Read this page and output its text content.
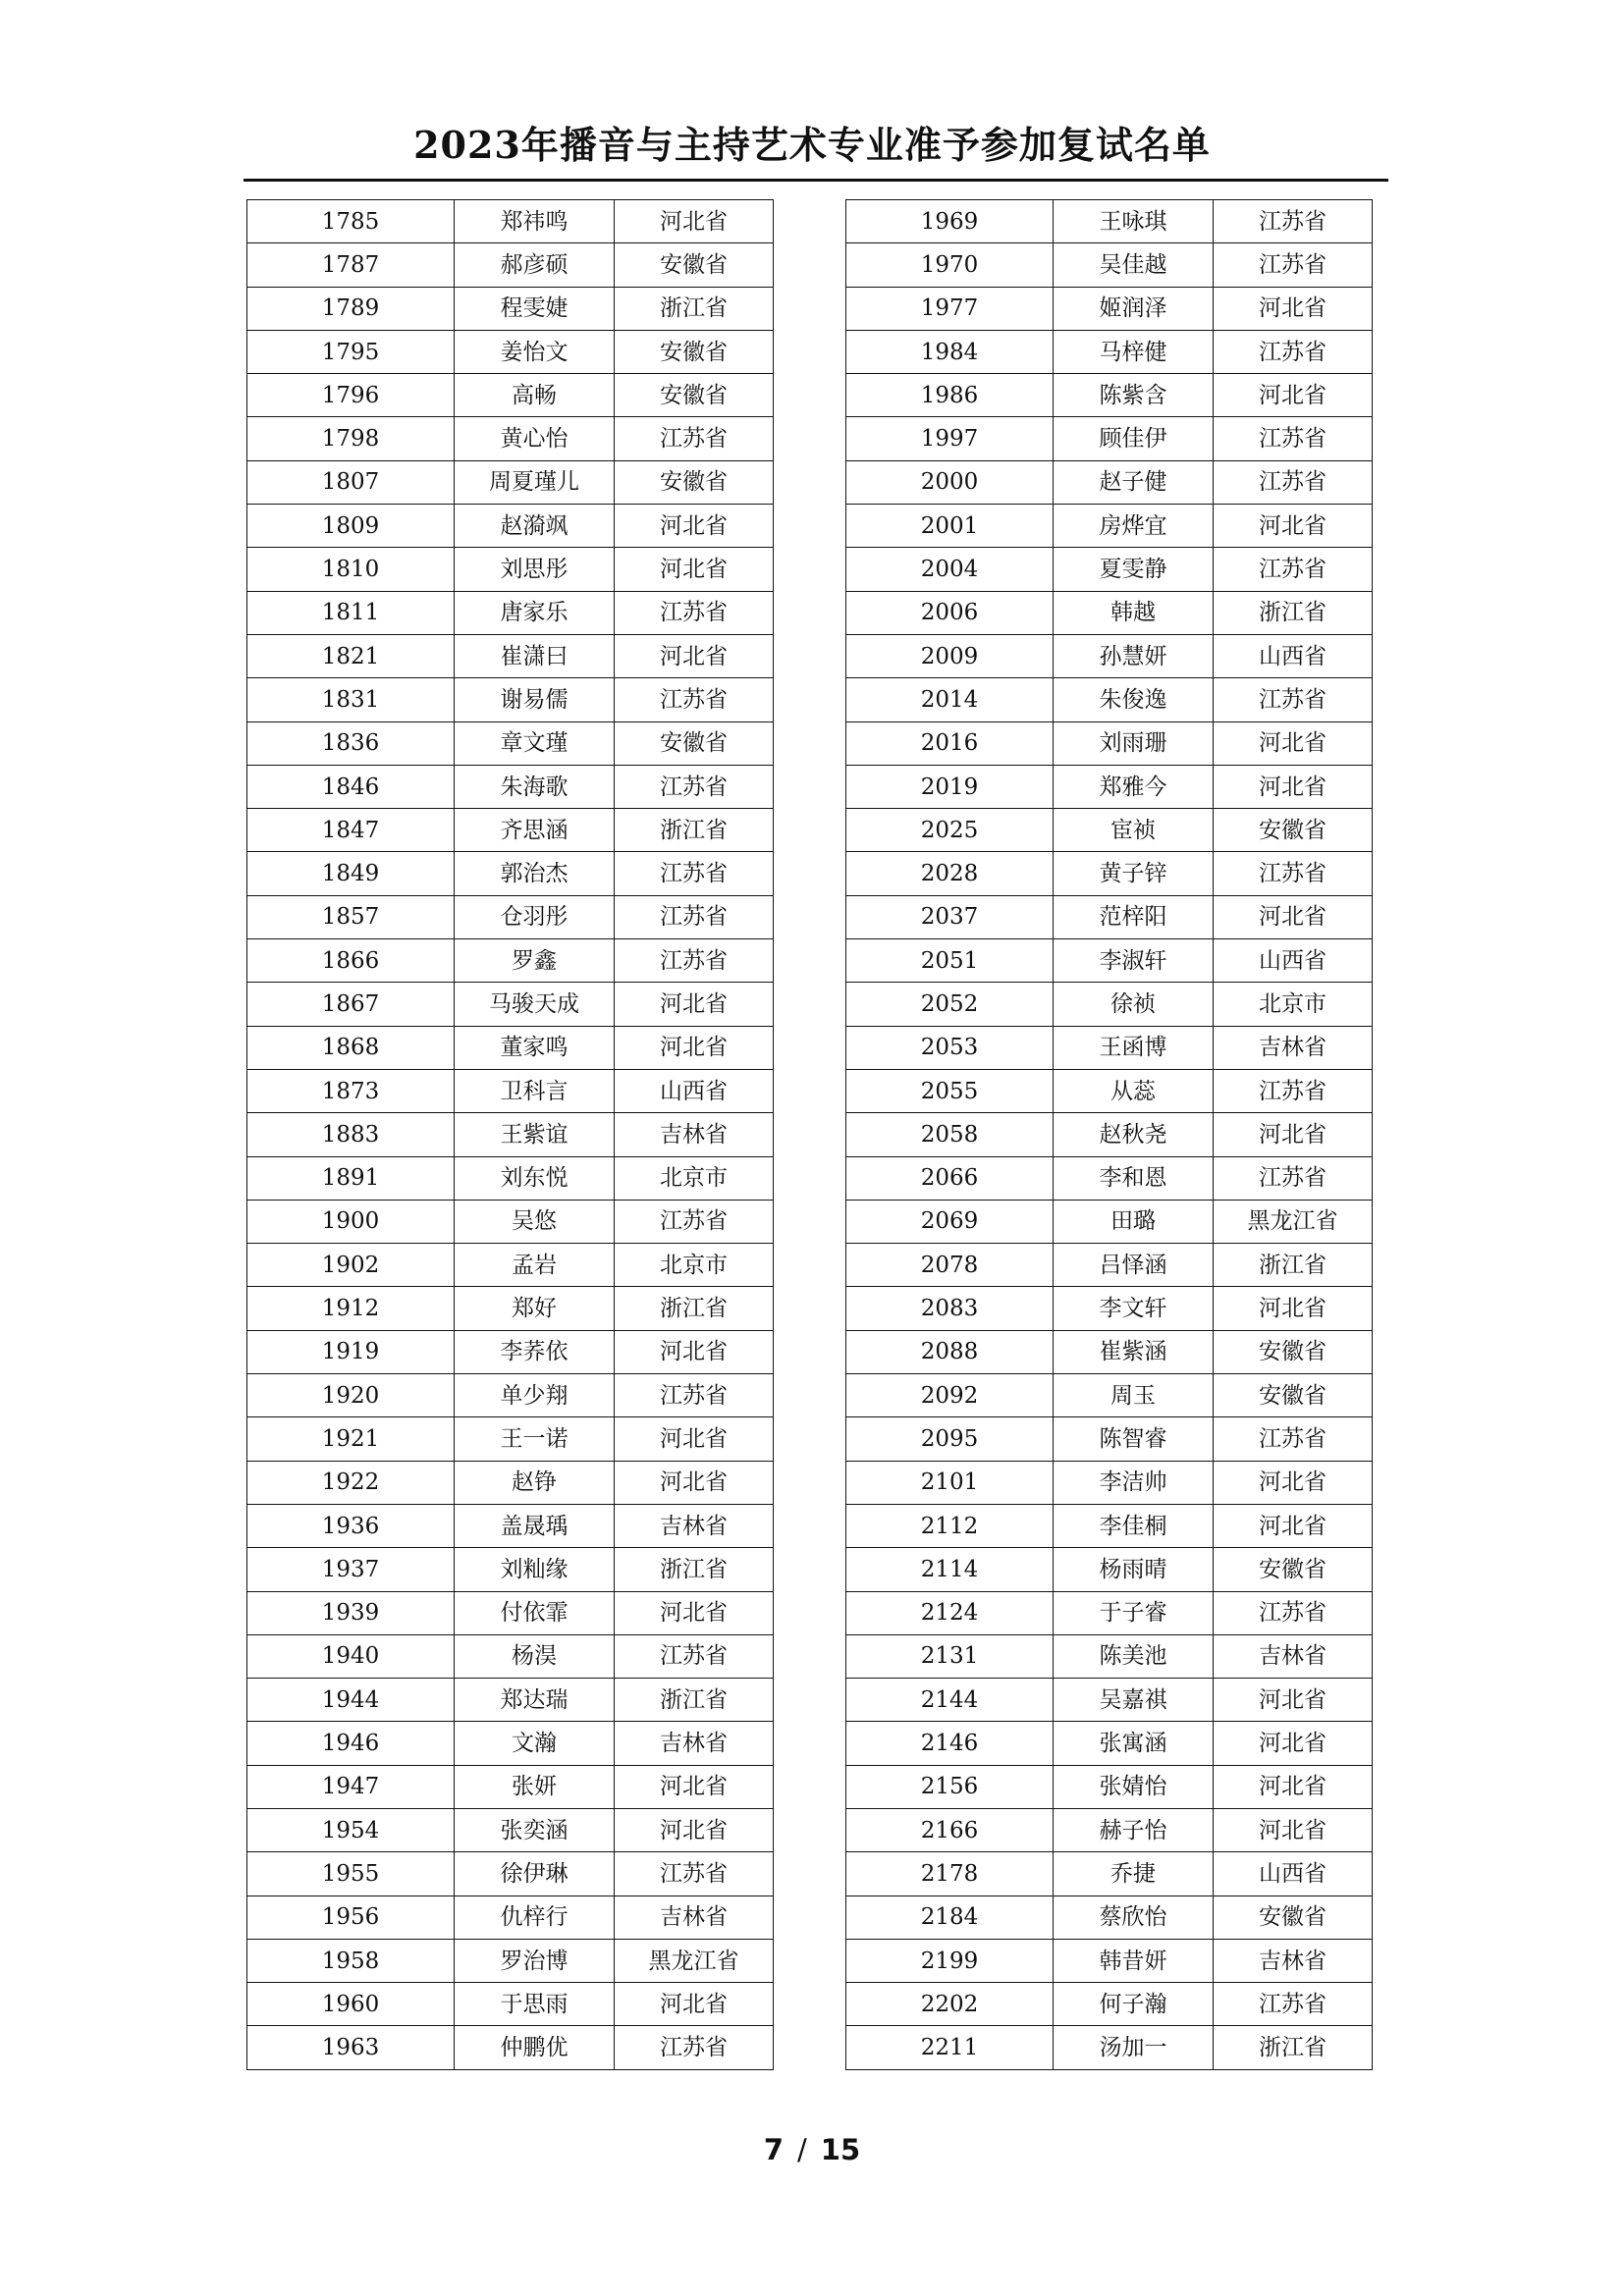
2023年播音与主持艺术专业准予参加复试名单
1785	郑祎鸣	河北省
1787	郝彦硕	安徽省
1789	程雯婕	浙江省
1795	姜怡文	安徽省
1796	高畅	安徽省
1798	黄心怡	江苏省
1807	周夏瑾儿	安徽省
1809	赵漪飒	河北省
1810	刘思彤	河北省
1811	唐家乐	江苏省
1821	崔潇曰	河北省
1831	谢易儒	江苏省
1836	章文瑾	安徽省
1846	朱海歌	江苏省
1847	齐思涵	浙江省
1849	郭治杰	江苏省
1857	仓羽彤	江苏省
1866	罗鑫	江苏省
1867	马骏天成	河北省
1868	董家鸣	河北省
1873	卫科言	山西省
1883	王紫谊	吉林省
1891	刘东悦	北京市
1900	吴悠	江苏省
1902	孟岩	北京市
1912	郑好	浙江省
1919	李荞依	河北省
1920	单少翔	江苏省
1921	王一诺	河北省
1922	赵铮	河北省
1936	盖晟瑀	吉林省
1937	刘籼缘	浙江省
1939	付依霏	河北省
1940	杨淏	江苏省
1944	郑达瑞	浙江省
1946	文瀚	吉林省
1947	张妍	河北省
1954	张奕涵	河北省
1955	徐伊琳	江苏省
1956	仇梓行	吉林省
1958	罗治博	黑龙江省
1960	于思雨	河北省
1963	仲鹏优	江苏省
1969	王咏琪	江苏省
1970	吴佳越	江苏省
1977	姬润泽	河北省
1984	马梓健	江苏省
1986	陈紫含	河北省
1997	顾佳伊	江苏省
2000	赵子健	江苏省
2001	房烨宜	河北省
2004	夏雯静	江苏省
2006	韩越	浙江省
2009	孙慧妍	山西省
2014	朱俊逸	江苏省
2016	刘雨珊	河北省
2019	郑雅今	河北省
2025	宦祯	安徽省
2028	黄子锌	江苏省
2037	范梓阳	河北省
2051	李淑轩	山西省
2052	徐祯	北京市
2053	王函博	吉林省
2055	从蕊	江苏省
2058	赵秋尧	河北省
2066	李和恩	江苏省
2069	田璐	黑龙江省
2078	吕怿涵	浙江省
2083	李文轩	河北省
2088	崔紫涵	安徽省
2092	周玉	安徽省
2095	陈智睿	江苏省
2101	李洁帅	河北省
2112	李佳桐	河北省
2114	杨雨晴	安徽省
2124	于子睿	江苏省
2131	陈美池	吉林省
2144	吴嘉祺	河北省
2146	张寓涵	河北省
2156	张婧怡	河北省
2166	赫子怡	河北省
2178	乔捷	山西省
2184	蔡欣怡	安徽省
2199	韩昔妍	吉林省
2202	何子瀚	江苏省
2211	汤加一	浙江省
7 / 15
